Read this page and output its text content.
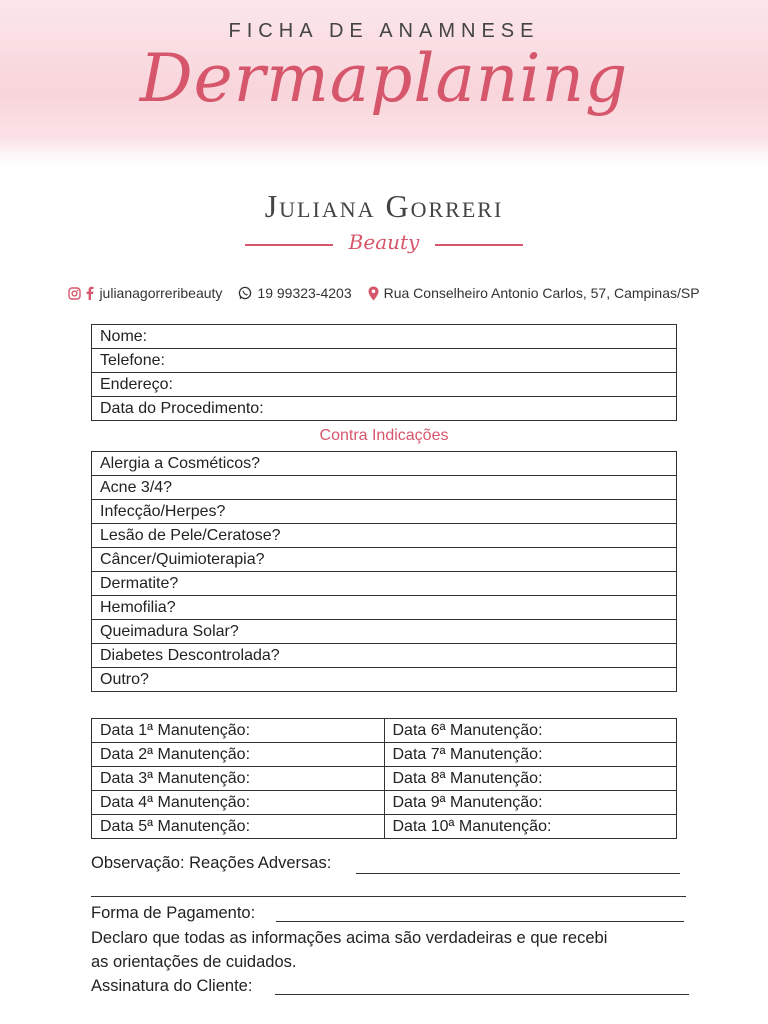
FICHA DE ANAMNESE
Dermaplaning
Juliana Gorreri
Beauty
julianagorreribeauty	19 99323-4203 Rua Conselheiro Antonio Carlos, 57, Campinas/SP
Nome:
Telefone:
Endereço:
Data do Procedimento:
Contra Indicações
Alergia a Cosméticos?
Acne 3/4?
Infecção/Herpes?
Lesão de Pele/Ceratose?
Câncer/Quimioterapia?
Dermatite?
Hemofilia?
Queimadura Solar?
Diabetes Descontrolada?
Outro?
Data 1ª Manutenção:	Data 6ª Manutenção:
Data 2ª Manutenção:	Data 7ª Manutenção:
Data 3ª Manutenção:	Data 8ª Manutenção:
Data 4ª Manutenção:	Data 9ª Manutenção:
Data 5ª Manutenção:	Data 10ª Manutenção:
Observação: Reações Adversas:
Forma de Pagamento:
Declaro que todas as informações acima são verdadeiras e que recebi
as orientações de cuidados.
Assinatura do Cliente:
